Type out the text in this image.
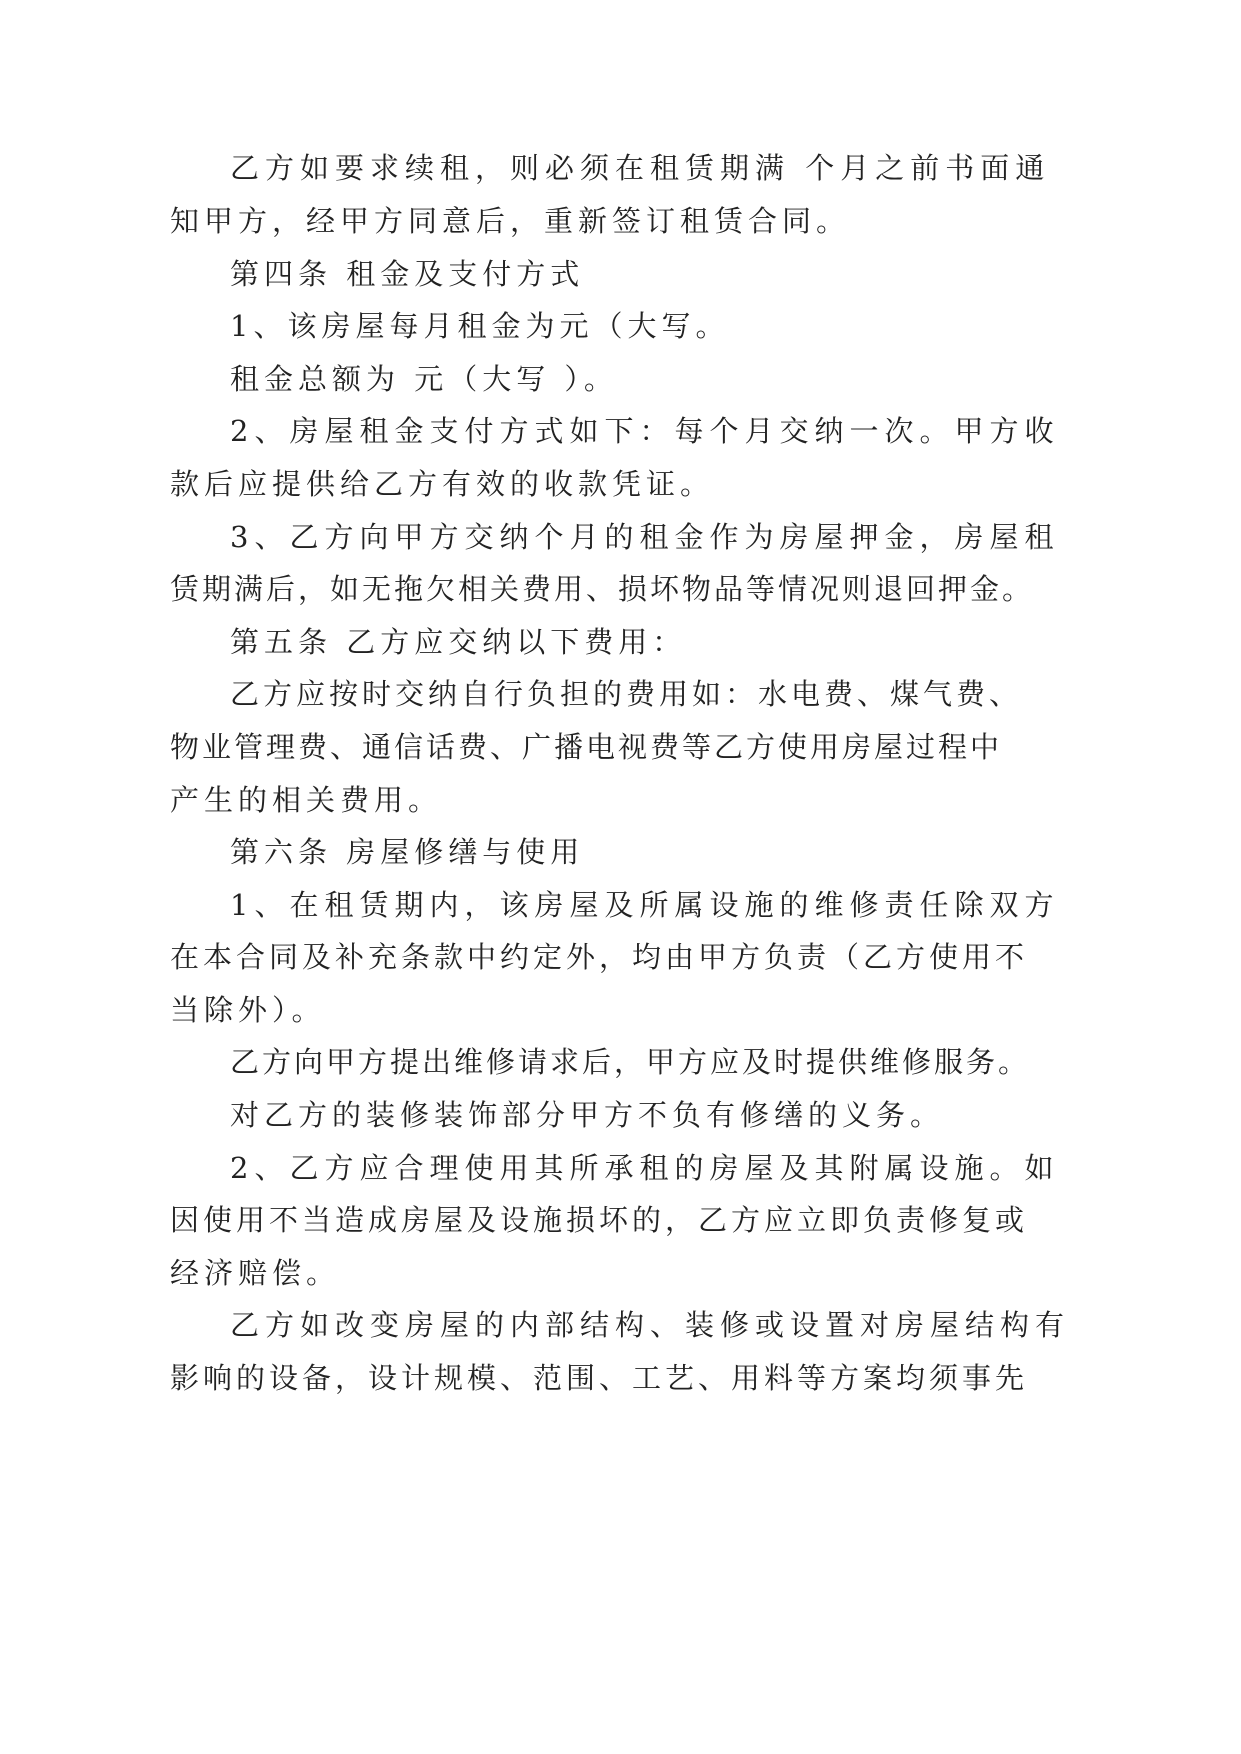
乙方如要求续租，则必须在租赁期满 个月之前书面通
知甲方，经甲方同意后，重新签订租赁合同。
第四条 租金及支付方式
1、该房屋每月租金为元（大写。
租金总额为 元（大写 ）。
2、房屋租金支付方式如下：每个月交纳一次。甲方收
款后应提供给乙方有效的收款凭证。
3、乙方向甲方交纳个月的租金作为房屋押金，房屋租
赁期满后，如无拖欠相关费用、损坏物品等情况则退回押金。
第五条 乙方应交纳以下费用：
乙方应按时交纳自行负担的费用如：水电费、煤气费、
物业管理费、通信话费、广播电视费等乙方使用房屋过程中
产生的相关费用。
第六条 房屋修缮与使用
1、在租赁期内，该房屋及所属设施的维修责任除双方
在本合同及补充条款中约定外，均由甲方负责（乙方使用不
当除外）。
乙方向甲方提出维修请求后，甲方应及时提供维修服务。
对乙方的装修装饰部分甲方不负有修缮的义务。
2、乙方应合理使用其所承租的房屋及其附属设施。如
因使用不当造成房屋及设施损坏的，乙方应立即负责修复或
经济赔偿。
乙方如改变房屋的内部结构、装修或设置对房屋结构有
影响的设备，设计规模、范围、工艺、用料等方案均须事先
